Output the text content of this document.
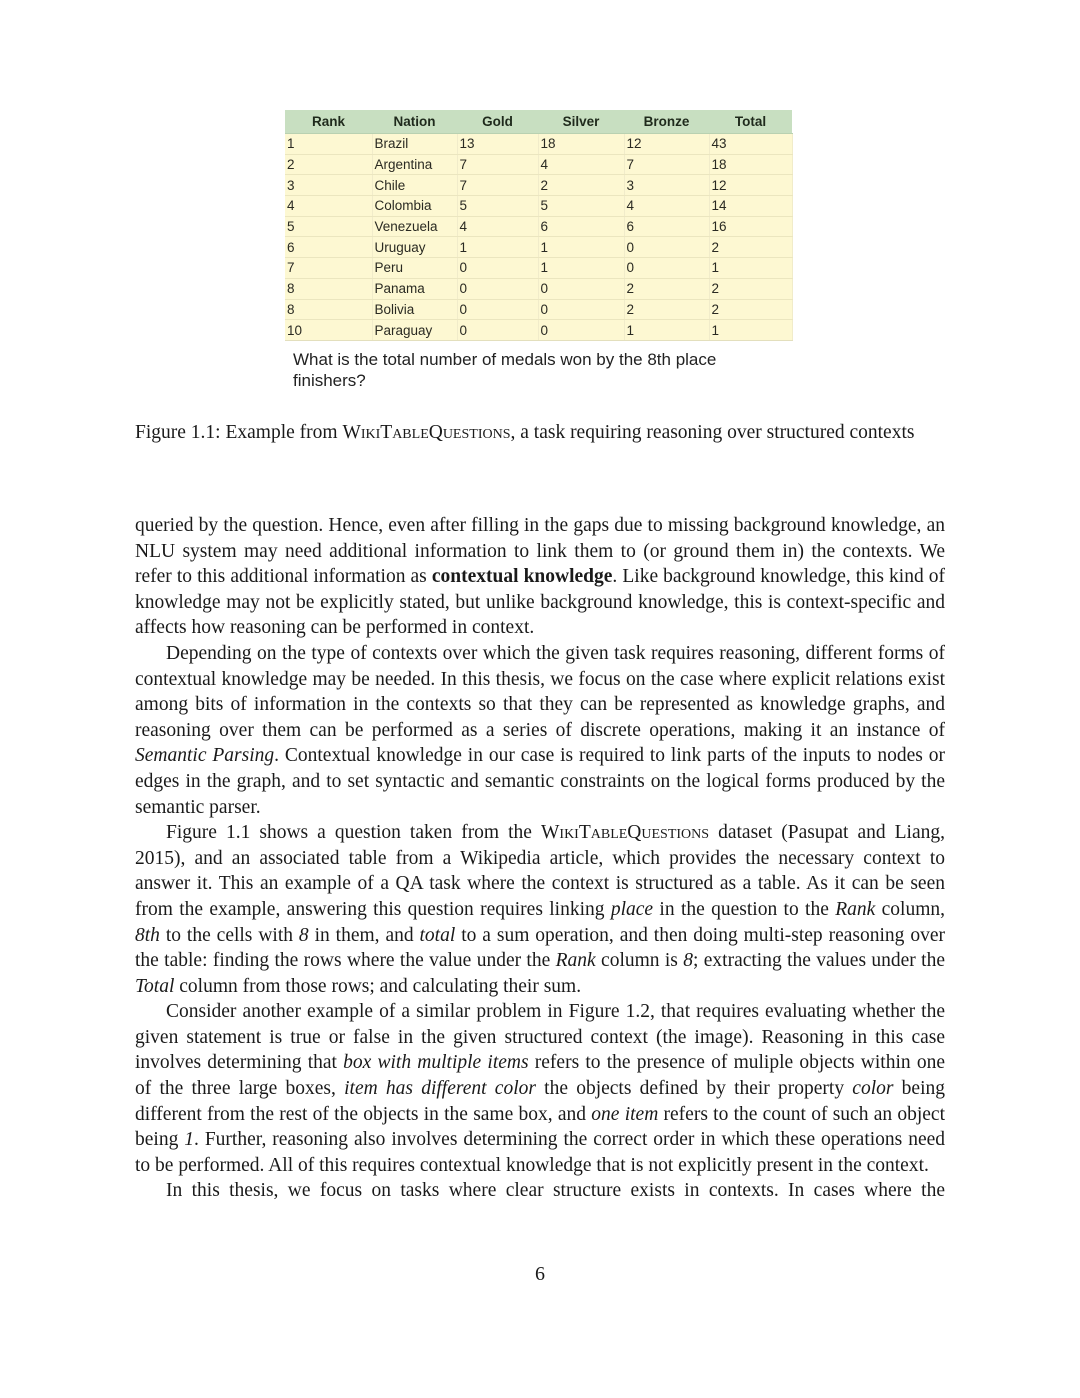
Rank	Nation	Gold	Silver	Bronze	Total
1	Brazil	13	18	12	43
2	Argentina	7	4	7	18
3	Chile	7	2	3	12
4	Colombia	5	5	4	14
5	Venezuela	4	6	6	16
6	Uruguay	1	1	0	2
7	Peru	0	1	0	1
8	Panama	0	0	2	2
8	Bolivia	0	0	2	2
10	Paraguay	0	0	1	1
What is the total number of medals won by the 8th place finishers?
Figure 1.1: Example from WikiTableQuestions, a task requiring reasoning over structured contexts

queried by the question. Hence, even after filling in the gaps due to missing background knowledge, an NLU system may need additional information to link them to (or ground them in) the contexts. We refer to this additional information as contextual knowledge. Like background knowledge, this kind of knowledge may not be explicitly stated, but unlike background knowledge, this is context-specific and affects how reasoning can be performed in context.

Depending on the type of contexts over which the given task requires reasoning, different forms of contextual knowledge may be needed. In this thesis, we focus on the case where explicit relations exist among bits of information in the contexts so that they can be represented as knowledge graphs, and reasoning over them can be performed as a series of discrete operations, making it an instance of Semantic Parsing. Contextual knowledge in our case is required to link parts of the inputs to nodes or edges in the graph, and to set syntactic and semantic constraints on the logical forms produced by the semantic parser.

Figure 1.1 shows a question taken from the WikiTableQuestions dataset (Pasupat and Liang, 2015), and an associated table from a Wikipedia article, which provides the necessary context to answer it. This an example of a QA task where the context is structured as a table. As it can be seen from the example, answering this question requires linking place in the question to the Rank column, 8th to the cells with 8 in them, and total to a sum operation, and then doing multi-step reasoning over the table: finding the rows where the value under the Rank column is 8; extracting the values under the Total column from those rows; and calculating their sum.

Consider another example of a similar problem in Figure 1.2, that requires evaluating whether the given statement is true or false in the given structured context (the image). Reasoning in this case involves determining that box with multiple items refers to the presence of muliple objects within one of the three large boxes, item has different color the objects defined by their property color being different from the rest of the objects in the same box, and one item refers to the count of such an object being 1. Further, reasoning also involves determining the correct order in which these operations need to be performed. All of this requires contextual knowledge that is not explicitly present in the context.

In this thesis, we focus on tasks where clear structure exists in contexts. In cases where the

6
